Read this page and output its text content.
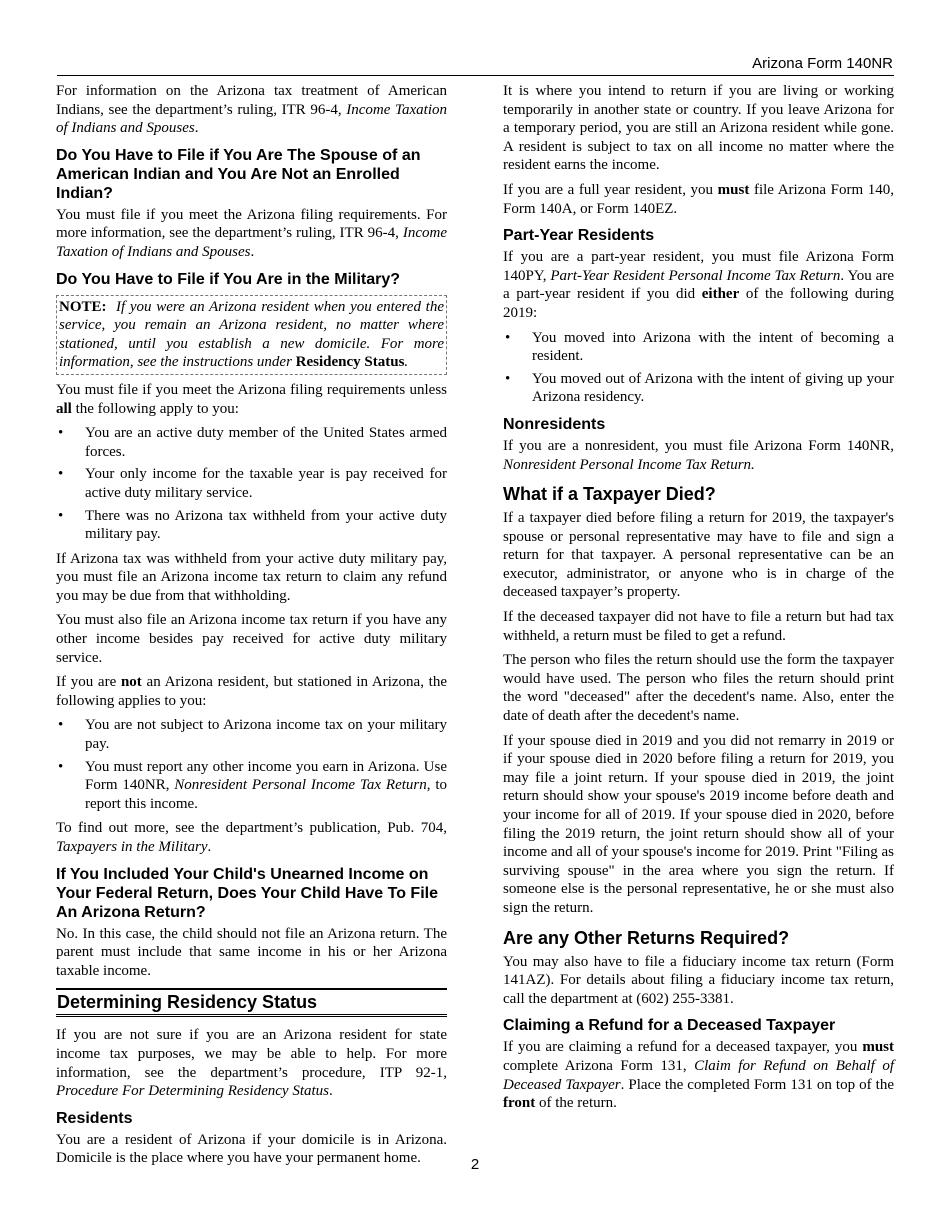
Arizona Form 140NR

For information on the Arizona tax treatment of American Indians, see the department’s ruling, ITR 96-4, Income Taxation of Indians and Spouses.

Do You Have to File if You Are The Spouse of an American Indian and You Are Not an Enrolled Indian?

You must file if you meet the Arizona filing requirements. For more information, see the department’s ruling, ITR 96-4, Income Taxation of Indians and Spouses.

Do You Have to File if You Are in the Military?
NOTE: If you were an Arizona resident when you entered the service, you remain an Arizona resident, no matter where stationed, until you establish a new domicile. For more information, see the instructions under Residency Status.

You must file if you meet the Arizona filing requirements unless all the following apply to you:

• You are an active duty member of the United States armed forces.
• Your only income for the taxable year is pay received for active duty military service.
• There was no Arizona tax withheld from your active duty military pay.

If Arizona tax was withheld from your active duty military pay, you must file an Arizona income tax return to claim any refund you may be due from that withholding.

You must also file an Arizona income tax return if you have any other income besides pay received for active duty military service.

If you are not an Arizona resident, but stationed in Arizona, the following applies to you:

• You are not subject to Arizona income tax on your military pay.
• You must report any other income you earn in Arizona. Use Form 140NR, Nonresident Personal Income Tax Return, to report this income.

To find out more, see the department’s publication, Pub. 704, Taxpayers in the Military.

If You Included Your Child's Unearned Income on Your Federal Return, Does Your Child Have To File An Arizona Return?

No. In this case, the child should not file an Arizona return. The parent must include that same income in his or her Arizona taxable income.

Determining Residency Status

If you are not sure if you are an Arizona resident for state income tax purposes, we may be able to help. For more information, see the department’s procedure, ITP 92-1, Procedure For Determining Residency Status.

Residents

You are a resident of Arizona if your domicile is in Arizona. Domicile is the place where you have your permanent home.

It is where you intend to return if you are living or working temporarily in another state or country. If you leave Arizona for a temporary period, you are still an Arizona resident while gone. A resident is subject to tax on all income no matter where the resident earns the income.

If you are a full year resident, you must file Arizona Form 140, Form 140A, or Form 140EZ.

Part-Year Residents

If you are a part-year resident, you must file Arizona Form 140PY, Part-Year Resident Personal Income Tax Return. You are a part-year resident if you did either of the following during 2019:

• You moved into Arizona with the intent of becoming a resident.
• You moved out of Arizona with the intent of giving up your Arizona residency.
Nonresidents

If you are a nonresident, you must file Arizona Form 140NR, Nonresident Personal Income Tax Return.

What if a Taxpayer Died?

If a taxpayer died before filing a return for 2019, the taxpayer's spouse or personal representative may have to file and sign a return for that taxpayer. A personal representative can be an executor, administrator, or anyone who is in charge of the deceased taxpayer’s property.

If the deceased taxpayer did not have to file a return but had tax withheld, a return must be filed to get a refund.

The person who files the return should use the form the taxpayer would have used. The person who files the return should print the word "deceased" after the decedent's name. Also, enter the date of death after the decedent's name.

If your spouse died in 2019 and you did not remarry in 2019 or if your spouse died in 2020 before filing a return for 2019, you may file a joint return. If your spouse died in 2019, the joint return should show your spouse's 2019 income before death and your income for all of 2019. If your spouse died in 2020, before filing the 2019 return, the joint return should show all of your income and all of your spouse's income for 2019. Print "Filing as surviving spouse" in the area where you sign the return. If someone else is the personal representative, he or she must also sign the return.

Are any Other Returns Required?

You may also have to file a fiduciary income tax return (Form 141AZ). For details about filing a fiduciary income tax return, call the department at (602) 255-3381.

Claiming a Refund for a Deceased Taxpayer

If you are claiming a refund for a deceased taxpayer, you must complete Arizona Form 131, Claim for Refund on Behalf of Deceased Taxpayer. Place the completed Form 131 on top of the front of the return.

2
